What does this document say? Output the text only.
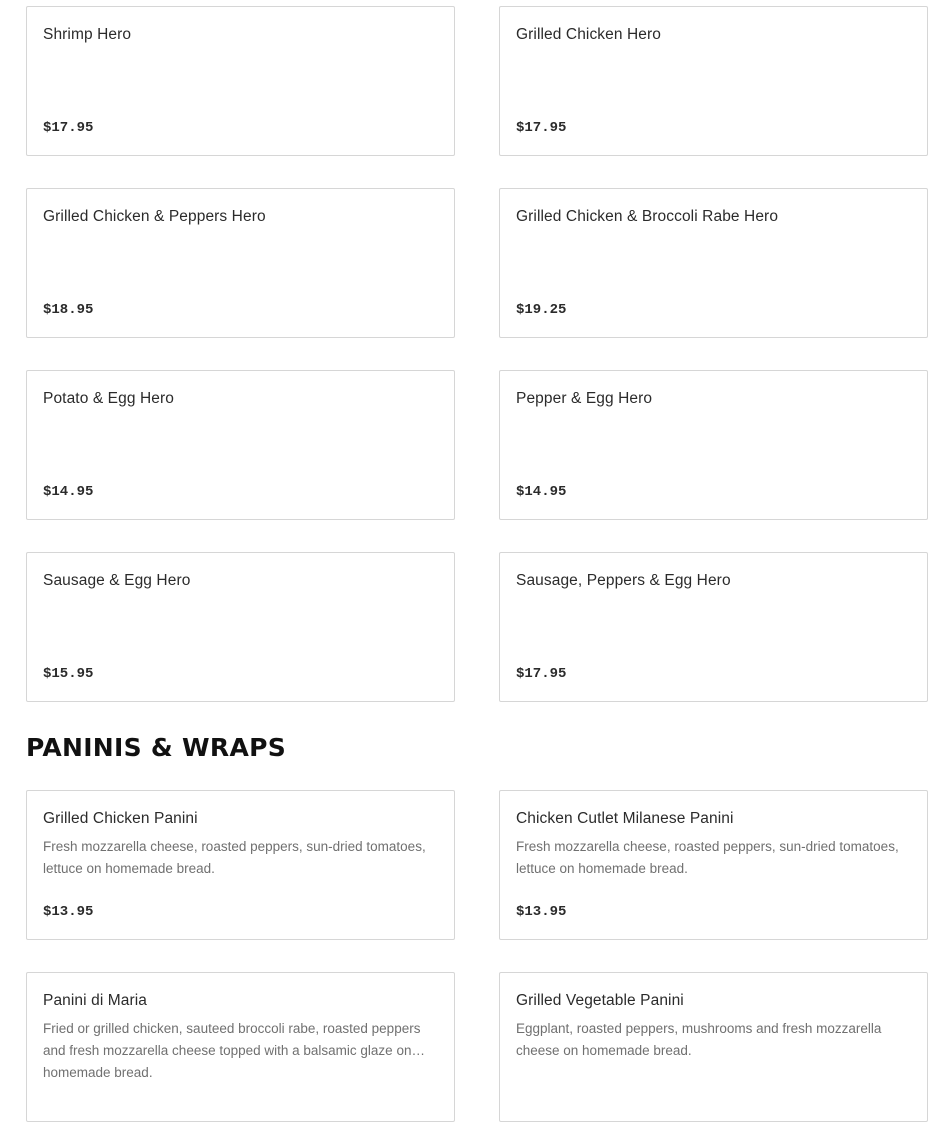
Shrimp Hero
$17.95
Grilled Chicken Hero
$17.95
Grilled Chicken & Peppers Hero
$18.95
Grilled Chicken & Broccoli Rabe Hero
$19.25
Potato & Egg Hero
$14.95
Pepper & Egg Hero
$14.95
Sausage & Egg Hero
$15.95
Sausage, Peppers & Egg Hero
$17.95
PANINIS & WRAPS
Grilled Chicken Panini
Fresh mozzarella cheese, roasted peppers, sun-dried tomatoes, lettuce on homemade bread.
$13.95
Chicken Cutlet Milanese Panini
Fresh mozzarella cheese, roasted peppers, sun-dried tomatoes, lettuce on homemade bread.
$13.95
Panini di Maria
Fried or grilled chicken, sauteed broccoli rabe, roasted peppers and fresh mozzarella cheese topped with a balsamic glaze on homemade bread.
Grilled Vegetable Panini
Eggplant, roasted peppers, mushrooms and fresh mozzarella cheese on homemade bread.
